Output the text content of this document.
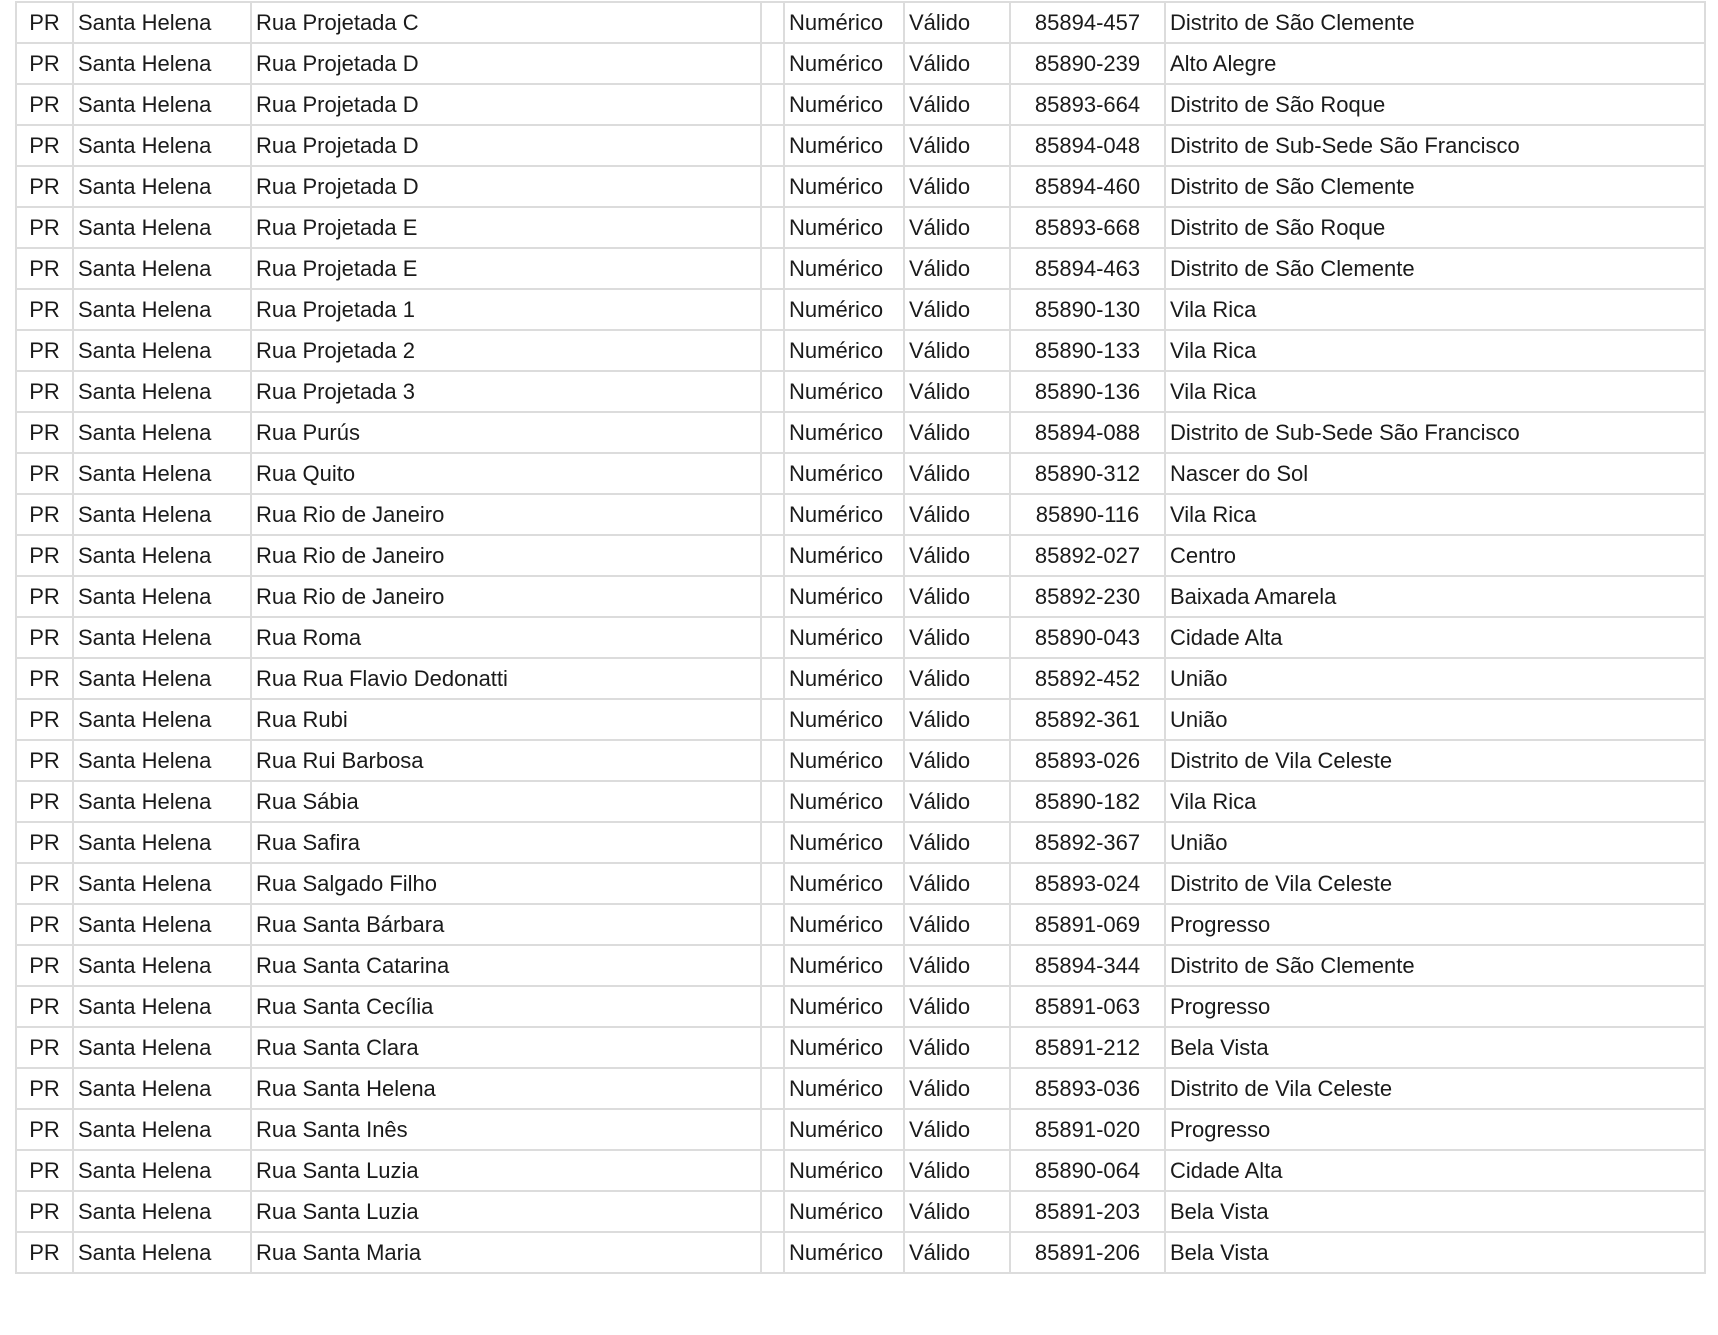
PR	Santa Helena	Rua Projetada C		Numérico	Válido	85894-457	Distrito de São Clemente
PR	Santa Helena	Rua Projetada D		Numérico	Válido	85890-239	Alto Alegre
PR	Santa Helena	Rua Projetada D		Numérico	Válido	85893-664	Distrito de São Roque
PR	Santa Helena	Rua Projetada D		Numérico	Válido	85894-048	Distrito de Sub-Sede São Francisco
PR	Santa Helena	Rua Projetada D		Numérico	Válido	85894-460	Distrito de São Clemente
PR	Santa Helena	Rua Projetada E		Numérico	Válido	85893-668	Distrito de São Roque
PR	Santa Helena	Rua Projetada E		Numérico	Válido	85894-463	Distrito de São Clemente
PR	Santa Helena	Rua Projetada 1		Numérico	Válido	85890-130	Vila Rica
PR	Santa Helena	Rua Projetada 2		Numérico	Válido	85890-133	Vila Rica
PR	Santa Helena	Rua Projetada 3		Numérico	Válido	85890-136	Vila Rica
PR	Santa Helena	Rua Purús		Numérico	Válido	85894-088	Distrito de Sub-Sede São Francisco
PR	Santa Helena	Rua Quito		Numérico	Válido	85890-312	Nascer do Sol
PR	Santa Helena	Rua Rio de Janeiro		Numérico	Válido	85890-116	Vila Rica
PR	Santa Helena	Rua Rio de Janeiro		Numérico	Válido	85892-027	Centro
PR	Santa Helena	Rua Rio de Janeiro		Numérico	Válido	85892-230	Baixada Amarela
PR	Santa Helena	Rua Roma		Numérico	Válido	85890-043	Cidade Alta
PR	Santa Helena	Rua Rua Flavio Dedonatti		Numérico	Válido	85892-452	União
PR	Santa Helena	Rua Rubi		Numérico	Válido	85892-361	União
PR	Santa Helena	Rua Rui Barbosa		Numérico	Válido	85893-026	Distrito de Vila Celeste
PR	Santa Helena	Rua Sábia		Numérico	Válido	85890-182	Vila Rica
PR	Santa Helena	Rua Safira		Numérico	Válido	85892-367	União
PR	Santa Helena	Rua Salgado Filho		Numérico	Válido	85893-024	Distrito de Vila Celeste
PR	Santa Helena	Rua Santa Bárbara		Numérico	Válido	85891-069	Progresso
PR	Santa Helena	Rua Santa Catarina		Numérico	Válido	85894-344	Distrito de São Clemente
PR	Santa Helena	Rua Santa Cecília		Numérico	Válido	85891-063	Progresso
PR	Santa Helena	Rua Santa Clara		Numérico	Válido	85891-212	Bela Vista
PR	Santa Helena	Rua Santa Helena		Numérico	Válido	85893-036	Distrito de Vila Celeste
PR	Santa Helena	Rua Santa Inês		Numérico	Válido	85891-020	Progresso
PR	Santa Helena	Rua Santa Luzia		Numérico	Válido	85890-064	Cidade Alta
PR	Santa Helena	Rua Santa Luzia		Numérico	Válido	85891-203	Bela Vista
PR	Santa Helena	Rua Santa Maria		Numérico	Válido	85891-206	Bela Vista
